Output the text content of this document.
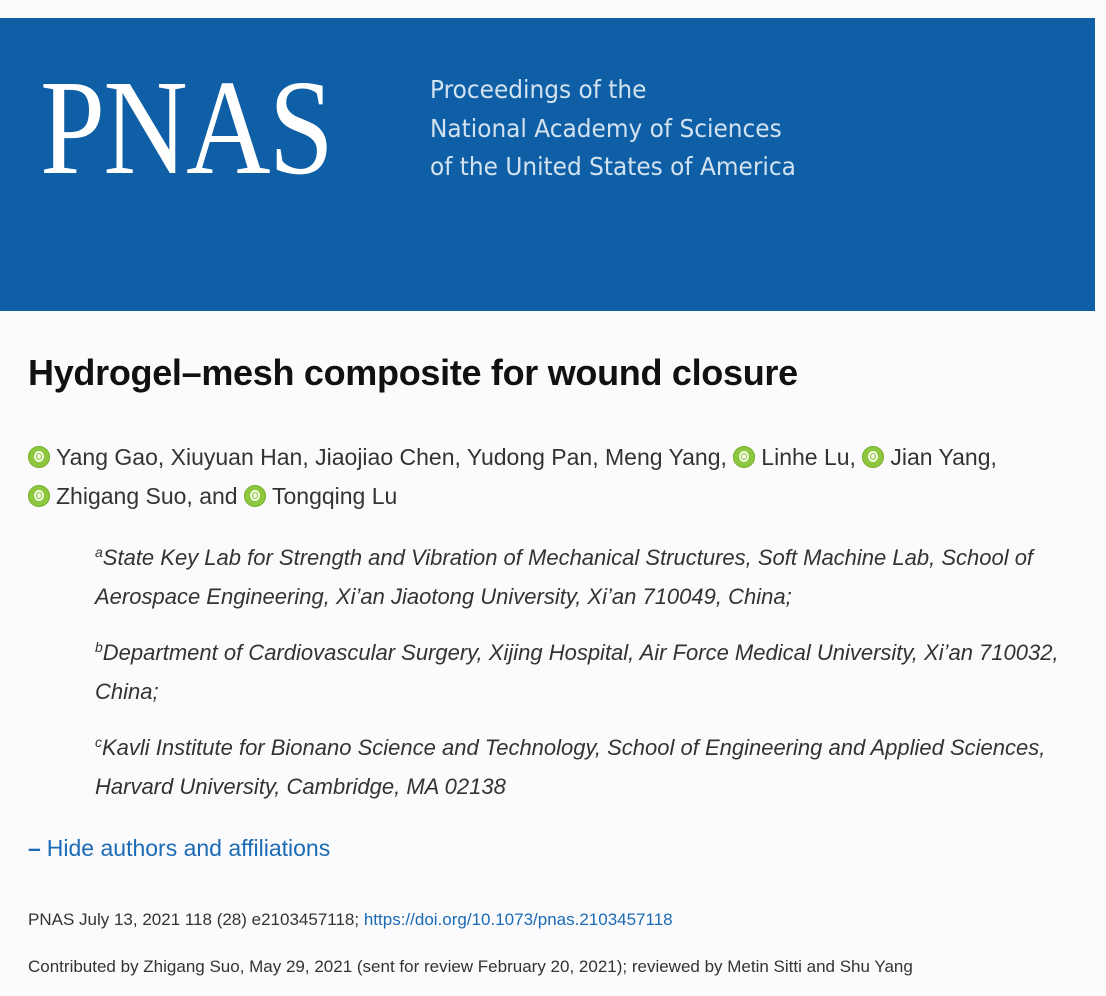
PNAS	Proceedings of the
National Academy of Sciences
of the United States of America
Hydrogel–mesh composite for wound closure
Yang Gao, Xiuyuan Han, Jiaojiao Chen, Yudong Pan, Meng Yang, Linhe Lu, Jian Yang,
Zhigang Suo, and Tongqing Lu
$^a$State Key Lab for Strength and Vibration of Mechanical Structures, Soft Machine Lab, School of Aerospace Engineering, Xi’an Jiaotong University, Xi’an 710049, China;
$^b$Department of Cardiovascular Surgery, Xijing Hospital, Air Force Medical University, Xi’an 710032, China;
$^c$Kavli Institute for Bionano Science and Technology, School of Engineering and Applied Sciences, Harvard University, Cambridge, MA 02138
– Hide authors and affiliations
PNAS July 13, 2021 118 (28) e2103457118; https://doi.org/10.1073/pnas.2103457118
Contributed by Zhigang Suo, May 29, 2021 (sent for review February 20, 2021); reviewed by Metin Sitti and Shu Yang
